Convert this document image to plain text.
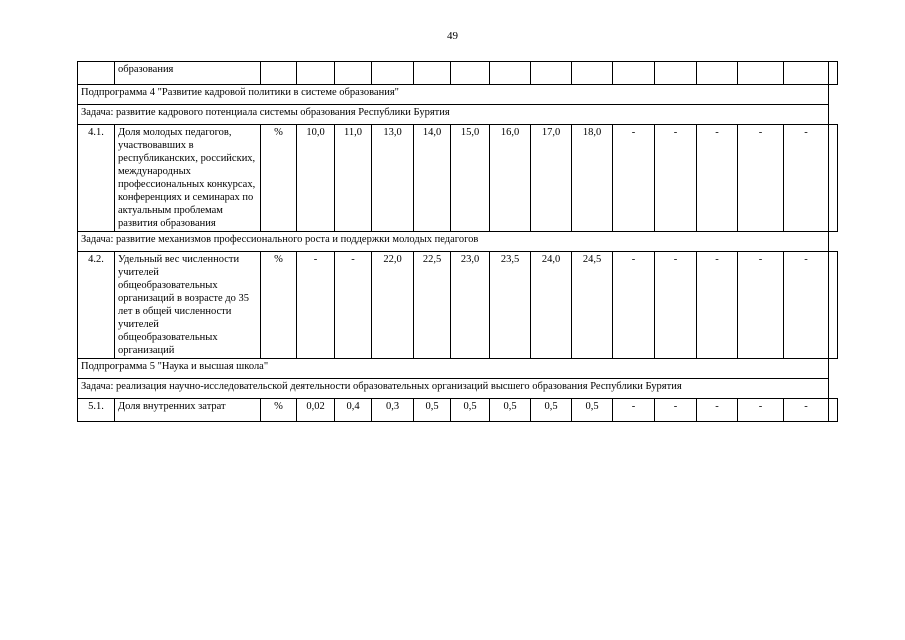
49
	образования															
Подпрограмма 4 "Развитие кадровой политики в системе образования"																
Задача: развитие кадрового потенциала системы образования Республики Бурятия																
4.1.	Доля молодых педагогов, участвовавших в республиканских, российских, международных профессиональных конкурсах, конференциях и семинарах по актуальным проблемам развития образования	%	10,0	11,0	13,0	14,0	15,0	16,0	17,0	18,0	-	-	-	-	-	
Задача: развитие механизмов профессионального роста и поддержки молодых педагогов																
4.2.	Удельный вес численности учителей общеобразовательных организаций в возрасте до 35 лет в общей численности учителей общеобразовательных организаций	%	-	-	22,0	22,5	23,0	23,5	24,0	24,5	-	-	-	-	-	
Подпрограмма 5 "Наука и высшая школа"																
Задача: реализация научно-исследовательской деятельности образовательных организаций высшего образования Республики Бурятия																
5.1.	Доля внутренних затрат	%	0,02	0,4	0,3	0,5	0,5	0,5	0,5	0,5	-	-	-	-	-	
